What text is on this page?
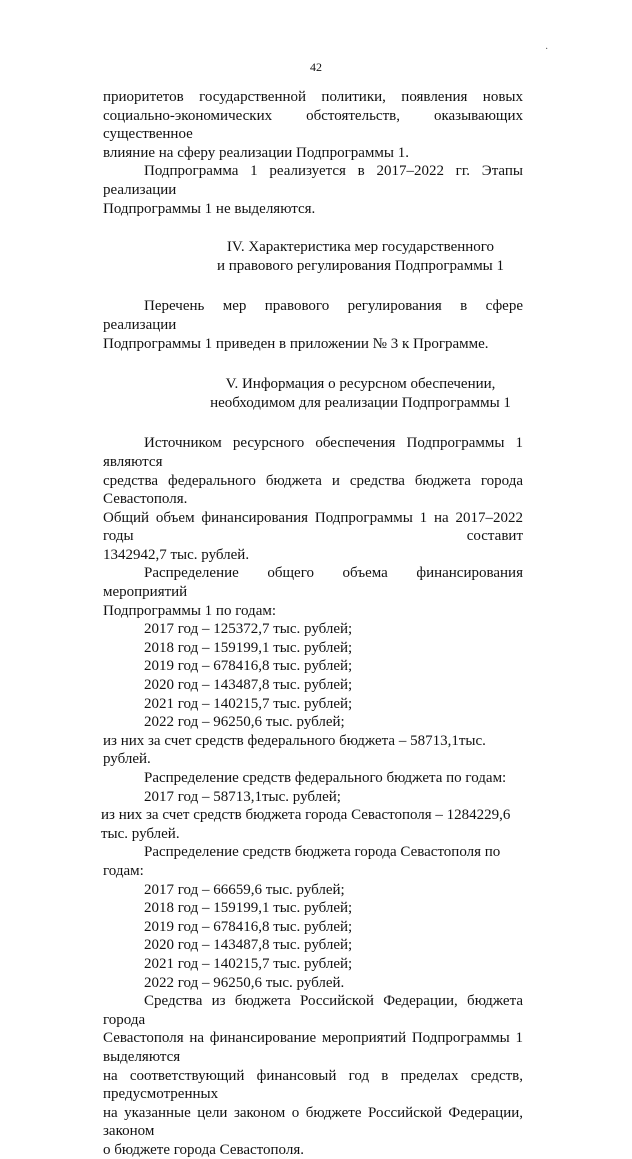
·
42

приоритетов государственной политики, появления новых

социально-экономических обстоятельств, оказывающих существенное

влияние на сферу реализации Подпрограммы 1.

Подпрограмма 1 реализуется в 2017–2022 гг. Этапы реализации

Подпрограммы 1 не выделяются.

IV. Характеристика мер государственного

и правового регулирования Подпрограммы 1

Перечень мер правового регулирования в сфере реализации

Подпрограммы 1 приведен в приложении № 3 к Программе.

V. Информация о ресурсном обеспечении,

необходимом для реализации Подпрограммы 1

Источником ресурсного обеспечения Подпрограммы 1 являются

средства федерального бюджета и средства бюджета города Севастополя.

Общий объем финансирования Подпрограммы 1 на 2017–2022 годы составит

1342942,7 тыс. рублей.

Распределение общего объема финансирования мероприятий

Подпрограммы 1 по годам:

2017 год – 125372,7 тыс. рублей;

2018 год – 159199,1 тыс. рублей;

2019 год – 678416,8 тыс. рублей;

2020 год – 143487,8 тыс. рублей;

2021 год – 140215,7 тыс. рублей;

2022 год – 96250,6 тыс. рублей;

из них за счет средств федерального бюджета – 58713,1тыс. рублей.

Распределение средств федерального бюджета по годам:

2017 год – 58713,1тыс. рублей;

из них за счет средств бюджета города Севастополя – 1284229,6 тыс. рублей.

Распределение средств бюджета города Севастополя по годам:

2017 год – 66659,6 тыс. рублей;

2018 год – 159199,1 тыс. рублей;

2019 год – 678416,8 тыс. рублей;

2020 год – 143487,8 тыс. рублей;

2021 год – 140215,7 тыс. рублей;

2022 год – 96250,6 тыс. рублей.

Средства из бюджета Российской Федерации, бюджета города

Севастополя на финансирование мероприятий Подпрограммы 1 выделяются

на соответствующий финансовый год в пределах средств, предусмотренных

на указанные цели законом о бюджете Российской Федерации, законом

о бюджете города Севастополя.
